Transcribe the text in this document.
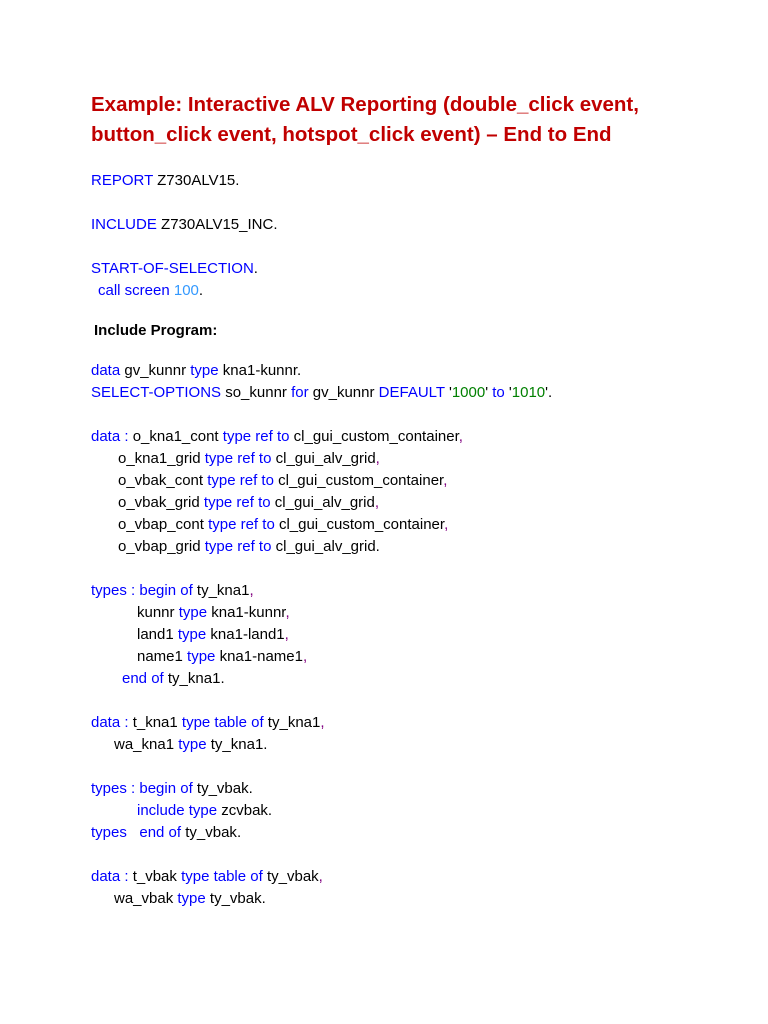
Example: Interactive ALV Reporting (double_click event, button_click event, hotspot_click event) – End to End
REPORT Z730ALV15.
INCLUDE Z730ALV15_INC.
START-OF-SELECTION.
call screen 100.
Include Program:
data gv_kunnr type kna1-kunnr.
SELECT-OPTIONS so_kunnr for gv_kunnr DEFAULT '1000' to '1010'.
data : o_kna1_cont type ref to cl_gui_custom_container,
o_kna1_grid type ref to cl_gui_alv_grid,
o_vbak_cont type ref to cl_gui_custom_container,
o_vbak_grid type ref to cl_gui_alv_grid,
o_vbap_cont type ref to cl_gui_custom_container,
o_vbap_grid type ref to cl_gui_alv_grid.
types : begin of ty_kna1,
kunnr type kna1-kunnr,
land1 type kna1-land1,
name1 type kna1-name1,
end of ty_kna1.
data : t_kna1 type table of ty_kna1,
wa_kna1 type ty_kna1.
types : begin of ty_vbak.
include type zcvbak.
types   end of ty_vbak.
data : t_vbak type table of ty_vbak,
wa_vbak type ty_vbak.
